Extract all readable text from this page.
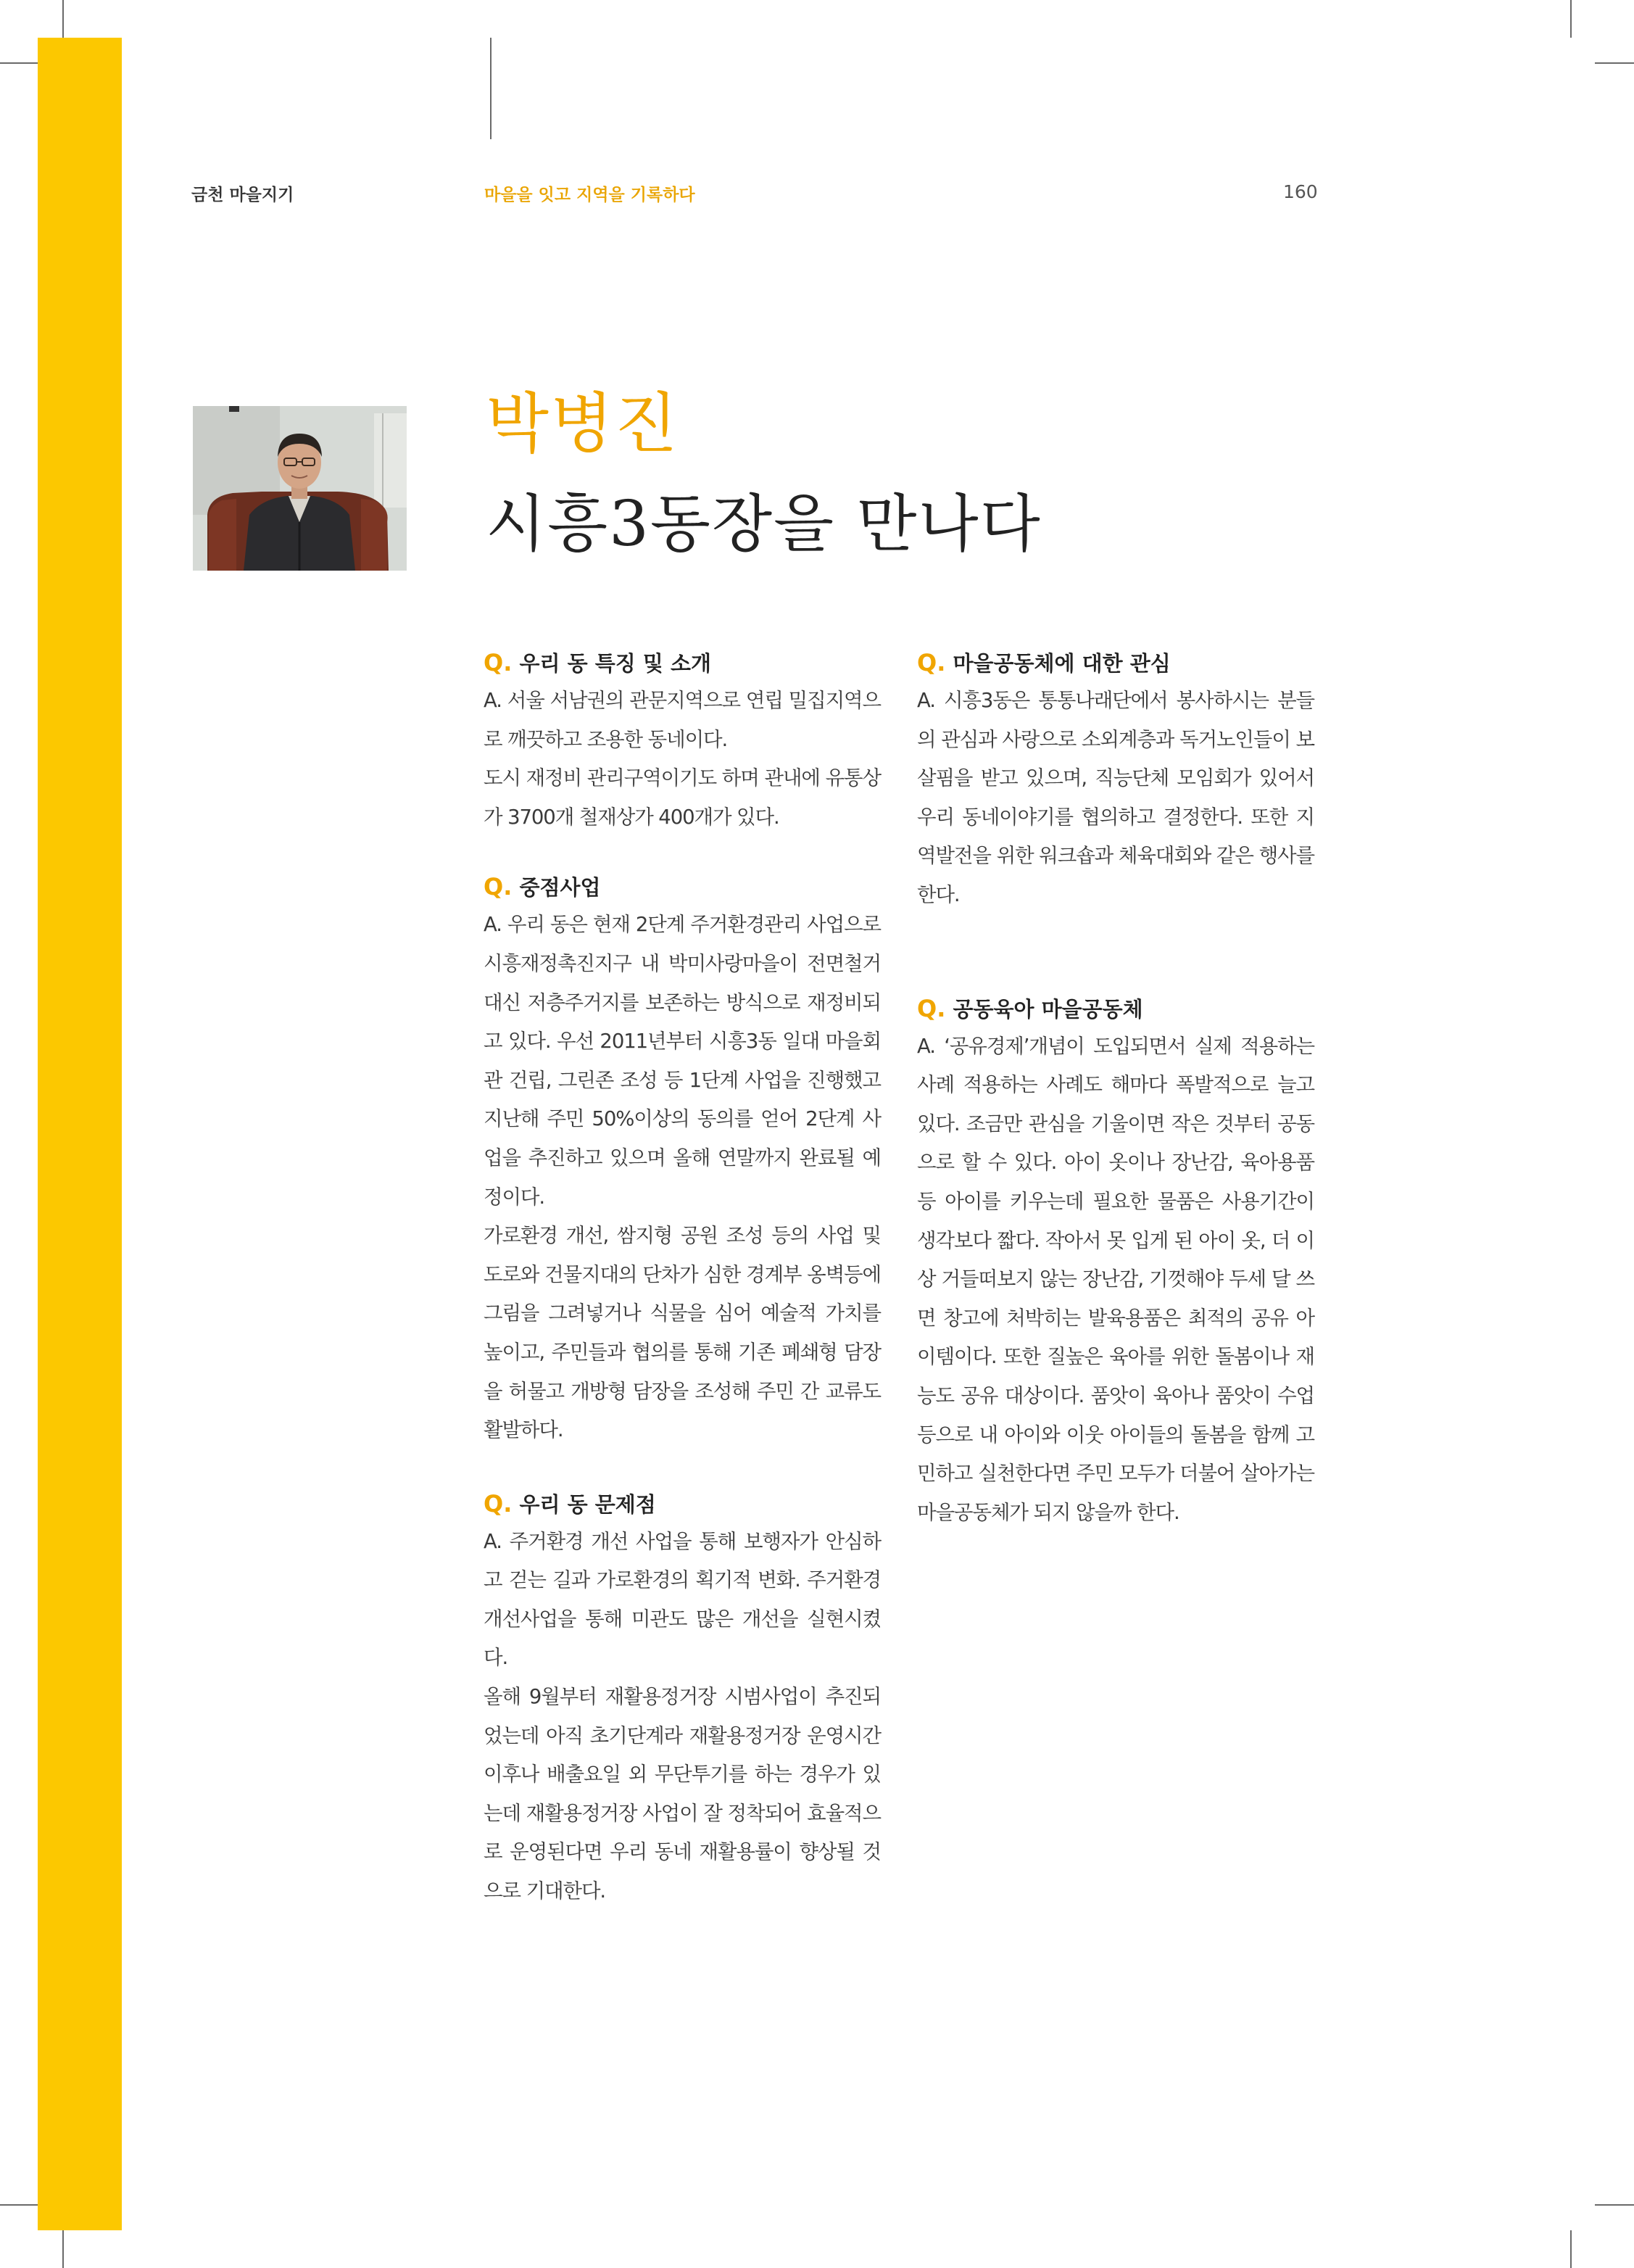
금천 마을지기	마을을 잇고 지역을 기록하다	160
박병진
시흥3동장을 만나다
Q. 우리 동 특징 및 소개

A. 서울 서남권의 관문지역으로 연립 밀집지역으로 깨끗하고 조용한 동네이다.

도시 재정비 관리구역이기도 하며 관내에 유통상가 3700개 철재상가 400개가 있다.

Q. 중점사업

A. 우리 동은 현재 2단계 주거환경관리 사업으로 시흥재정촉진지구 내 박미사랑마을이 전면철거 대신 저층주거지를 보존하는 방식으로 재정비되고 있다. 우선 2011년부터 시흥3동 일대 마을회관 건립, 그린존 조성 등 1단계 사업을 진행했고 지난해 주민 50%이상의 동의를 얻어 2단계 사업을 추진하고 있으며 올해 연말까지 완료될 예정이다.

가로환경 개선, 쌈지형 공원 조성 등의 사업 및 도로와 건물지대의 단차가 심한 경계부 옹벽등에 그림을 그려넣거나 식물을 심어 예술적 가치를 높이고, 주민들과 협의를 통해 기존 폐쇄형 담장을 허물고 개방형 담장을 조성해 주민 간 교류도 활발하다.

Q. 우리 동 문제점

A. 주거환경 개선 사업을 통해 보행자가 안심하고 걷는 길과 가로환경의 획기적 변화. 주거환경 개선사업을 통해 미관도 많은 개선을 실현시켰다.

올해 9월부터 재활용정거장 시범사업이 추진되었는데 아직 초기단계라 재활용정거장 운영시간 이후나 배출요일 외 무단투기를 하는 경우가 있는데 재활용정거장 사업이 잘 정착되어 효율적으로 운영된다면 우리 동네 재활용률이 향상될 것으로 기대한다.

Q. 마을공동체에 대한 관심

A. 시흥3동은 통통나래단에서 봉사하시는 분들의 관심과 사랑으로 소외계층과 독거노인들이 보살핌을 받고 있으며, 직능단체 모임회가 있어서 우리 동네이야기를 협의하고 결정한다. 또한 지역발전을 위한 워크숍과 체육대회와 같은 행사를 한다.

Q. 공동육아 마을공동체

A. ‘공유경제’개념이 도입되면서 실제 적용하는 사례 적용하는 사례도 해마다 폭발적으로 늘고 있다. 조금만 관심을 기울이면 작은 것부터 공동으로 할 수 있다. 아이 옷이나 장난감, 육아용품 등 아이를 키우는데 필요한 물품은 사용기간이 생각보다 짧다. 작아서 못 입게 된 아이 옷, 더 이상 거들떠보지 않는 장난감, 기껏해야 두세 달 쓰면 창고에 처박히는 발육용품은 최적의 공유 아이템이다. 또한 질높은 육아를 위한 돌봄이나 재능도 공유 대상이다. 품앗이 육아나 품앗이 수업 등으로 내 아이와 이웃 아이들의 돌봄을 함께 고민하고 실천한다면 주민 모두가 더불어 살아가는 마을공동체가 되지 않을까 한다.
